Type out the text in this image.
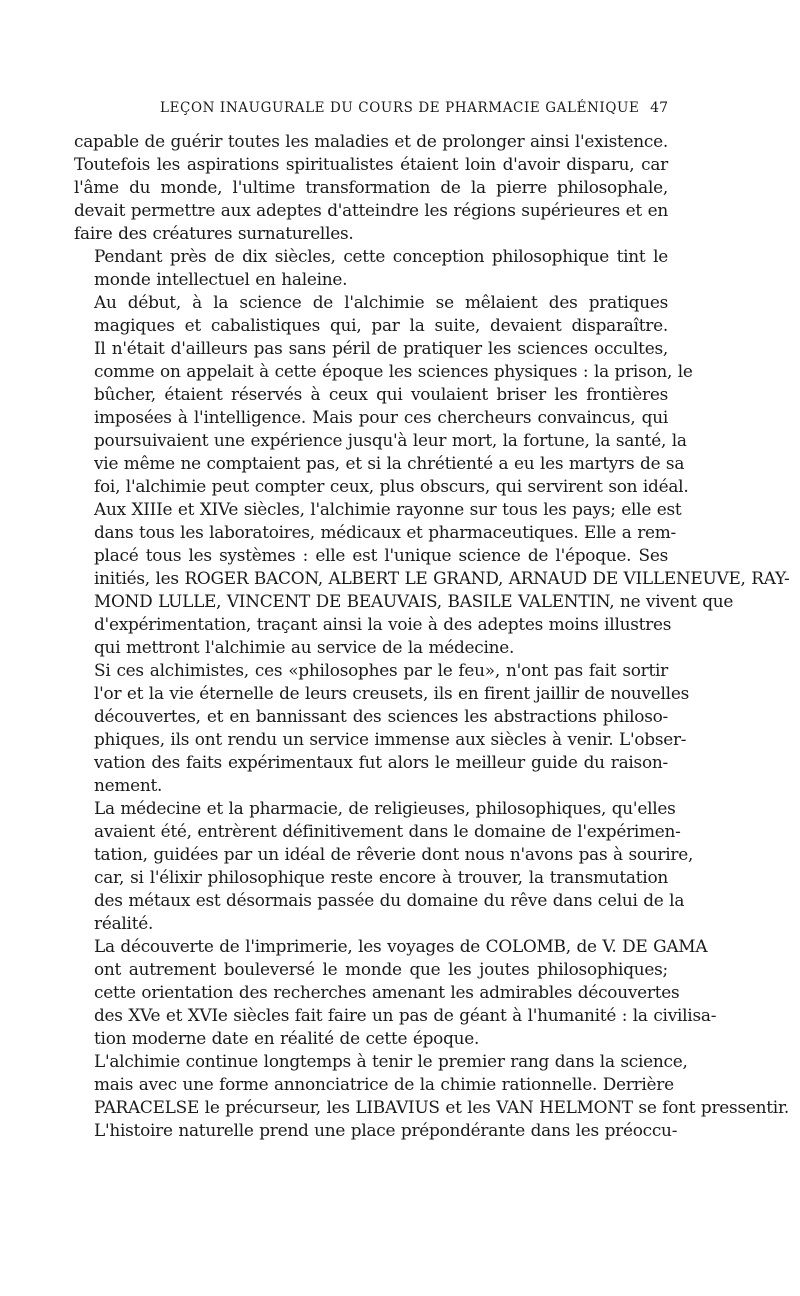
LEÇON INAUGURALE DU COURS DE PHARMACIE GALÉNIQUE 47

capable de guérir toutes les maladies et de prolonger ainsi l'existence.
Toutefois les aspirations spiritualistes étaient loin d'avoir disparu, car
l'âme du monde, l'ultime transformation de la pierre philosophale,
devait permettre aux adeptes d'atteindre les régions supérieures et en
faire des créatures surnaturelles.

Pendant près de dix siècles, cette conception philosophique tint le
monde intellectuel en haleine.

Au début, à la science de l'alchimie se mêlaient des pratiques
magiques et cabalistiques qui, par la suite, devaient disparaître.
Il n'était d'ailleurs pas sans péril de pratiquer les sciences occultes,
comme on appelait à cette époque les sciences physiques : la prison, le
bûcher, étaient réservés à ceux qui voulaient briser les frontières
imposées à l'intelligence. Mais pour ces chercheurs convaincus, qui
poursuivaient une expérience jusqu'à leur mort, la fortune, la santé, la
vie même ne comptaient pas, et si la chrétienté a eu les martyrs de sa
foi, l'alchimie peut compter ceux, plus obscurs, qui servirent son idéal.

Aux XIIIe et XIVe siècles, l'alchimie rayonne sur tous les pays; elle est
dans tous les laboratoires, médicaux et pharmaceutiques. Elle a rem-
placé tous les systèmes : elle est l'unique science de l'époque. Ses
initiés, les ROGER BACON, ALBERT LE GRAND, ARNAUD DE VILLENEUVE, RAY-
MOND LULLE, VINCENT DE BEAUVAIS, BASILE VALENTIN, ne vivent que
d'expérimentation, traçant ainsi la voie à des adeptes moins illustres
qui mettront l'alchimie au service de la médecine.

Si ces alchimistes, ces «philosophes par le feu», n'ont pas fait sortir
l'or et la vie éternelle de leurs creusets, ils en firent jaillir de nouvelles
découvertes, et en bannissant des sciences les abstractions philoso-
phiques, ils ont rendu un service immense aux siècles à venir. L'obser-
vation des faits expérimentaux fut alors le meilleur guide du raison-
nement.

La médecine et la pharmacie, de religieuses, philosophiques, qu'elles
avaient été, entrèrent définitivement dans le domaine de l'expérimen-
tation, guidées par un idéal de rêverie dont nous n'avons pas à sourire,
car, si l'élixir philosophique reste encore à trouver, la transmutation
des métaux est désormais passée du domaine du rêve dans celui de la
réalité.

La découverte de l'imprimerie, les voyages de COLOMB, de V. DE GAMA
ont autrement bouleversé le monde que les joutes philosophiques;
cette orientation des recherches amenant les admirables découvertes
des XVe et XVIe siècles fait faire un pas de géant à l'humanité : la civilisa-
tion moderne date en réalité de cette époque.

L'alchimie continue longtemps à tenir le premier rang dans la science,
mais avec une forme annonciatrice de la chimie rationnelle. Derrière
PARACELSE le précurseur, les LIBAVIUS et les VAN HELMONT se font pressentir.
L'histoire naturelle prend une place prépondérante dans les préoccu-
